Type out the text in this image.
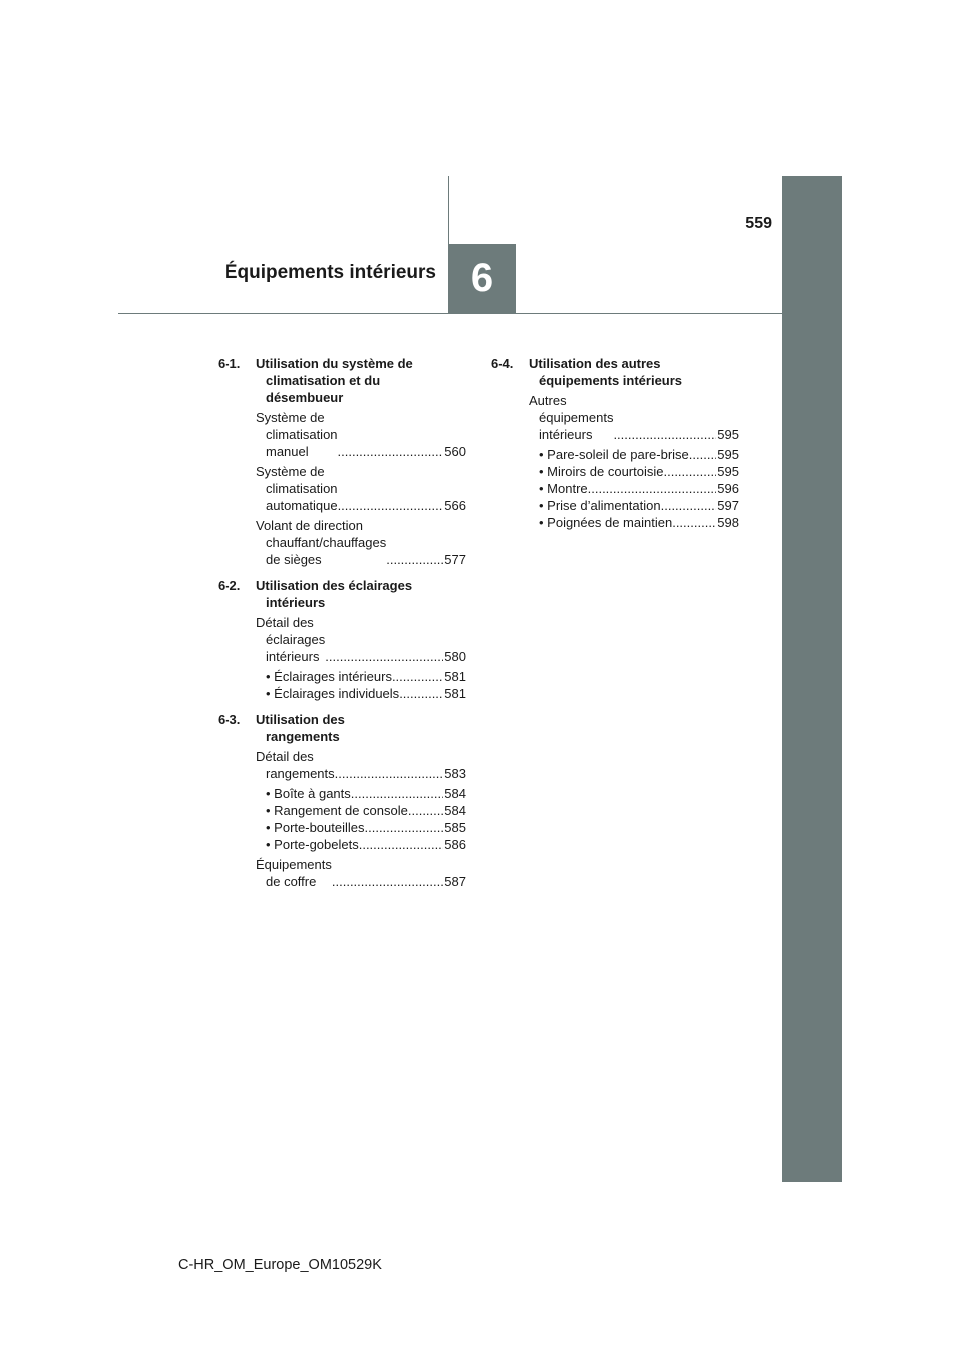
6
559
Équipements intérieurs
6-1. Utilisation du système de
climatisation et du
désembueur
Système de climatisation
manuel .....	560
Système de climatisation
automatique .....	566
Volant de direction
chauffant/chauffages
de sièges .....	577
6-2. Utilisation des éclairages
intérieurs
Détail des éclairages
intérieurs .....	580
• Éclairages intérieurs .....	581
• Éclairages individuels .....	581
6-3. Utilisation des
rangements
Détail des rangements .....	583
• Boîte à gants .....	584
• Rangement de console .....	584
• Porte-bouteilles .....	585
• Porte-gobelets .....	586
Équipements de coffre .....	587
6-4. Utilisation des autres
équipements intérieurs
Autres équipements
intérieurs .....	595
• Pare-soleil de pare-brise ..... 595
• Miroirs de courtoisie .....	595
• Montre .....	596
• Prise d’alimentation .....	597
• Poignées de maintien .....	598
C-HR_OM_Europe_OM10529K
